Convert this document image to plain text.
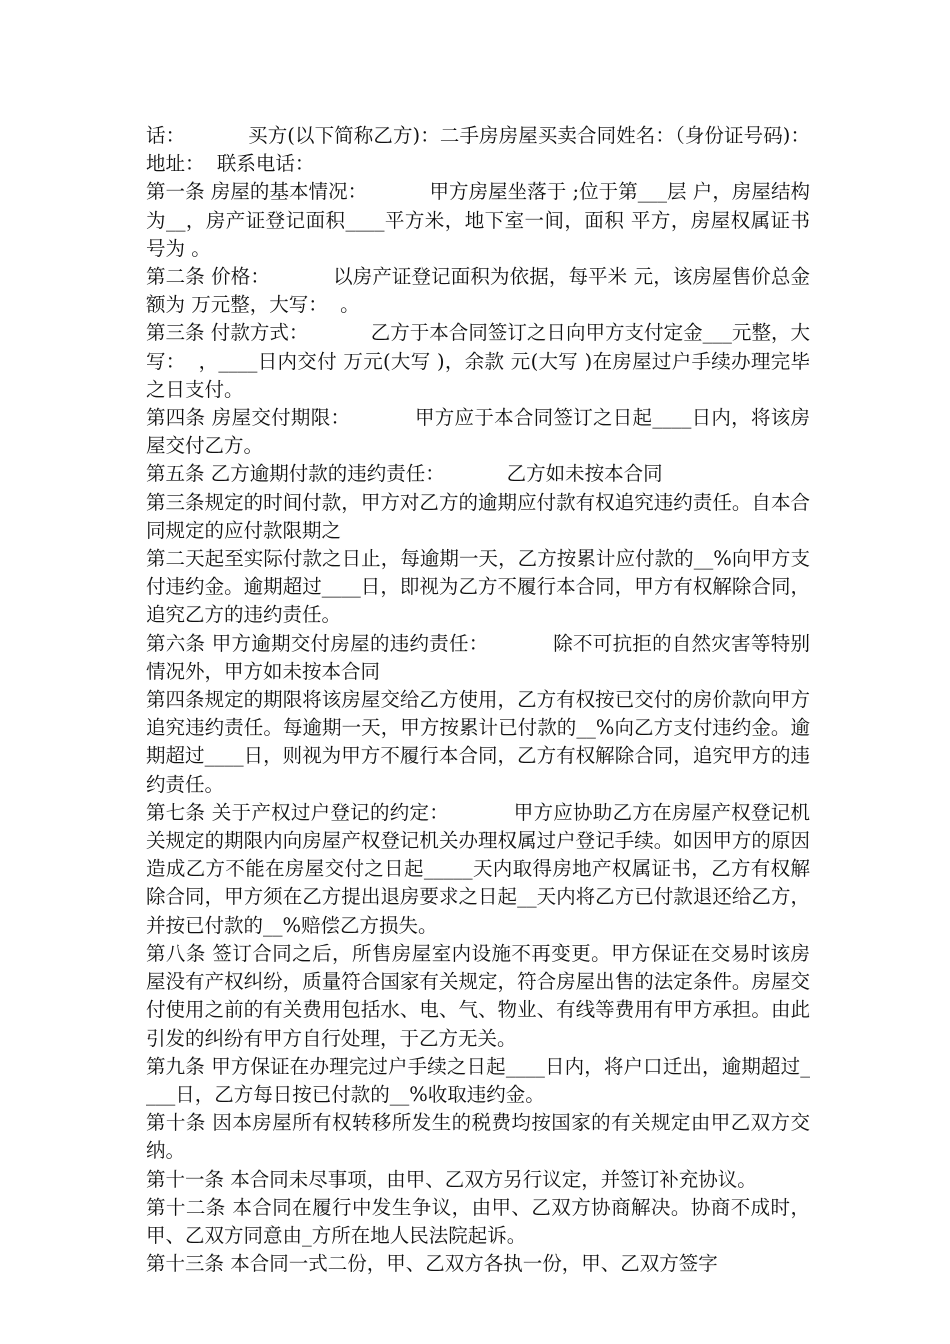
话：          买方(以下简称乙方)：二手房房屋买卖合同姓名：（身份证号码)：          地址：  联系电话：

第一条 房屋的基本情况：          甲方房屋坐落于 ;位于第___层 户，房屋结构为__，房产证登记面积____平方米，地下室一间，面积 平方，房屋权属证书号为 。

第二条 价格：          以房产证登记面积为依据，每平米 元，该房屋售价总金额为 万元整，大写：  。

第三条 付款方式：          乙方于本合同签订之日向甲方支付定金___元整，大写：  ，____日内交付 万元(大写 )，余款 元(大写 )在房屋过户手续办理完毕之日支付。

第四条 房屋交付期限：          甲方应于本合同签订之日起____日内，将该房屋交付乙方。

第五条 乙方逾期付款的违约责任：          乙方如未按本合同

第三条规定的时间付款，甲方对乙方的逾期应付款有权追究违约责任。自本合同规定的应付款限期之

第二天起至实际付款之日止，每逾期一天，乙方按累计应付款的__%向甲方支付违约金。逾期超过____日，即视为乙方不履行本合同，甲方有权解除合同，追究乙方的违约责任。

第六条 甲方逾期交付房屋的违约责任：          除不可抗拒的自然灾害等特别情况外，甲方如未按本合同

第四条规定的期限将该房屋交给乙方使用，乙方有权按已交付的房价款向甲方追究违约责任。每逾期一天，甲方按累计已付款的__%向乙方支付违约金。逾期超过____日，则视为甲方不履行本合同，乙方有权解除合同，追究甲方的违约责任。

第七条 关于产权过户登记的约定：          甲方应协助乙方在房屋产权登记机关规定的期限内向房屋产权登记机关办理权属过户登记手续。如因甲方的原因造成乙方不能在房屋交付之日起_____天内取得房地产权属证书，乙方有权解除合同，甲方须在乙方提出退房要求之日起__天内将乙方已付款退还给乙方，并按已付款的__%赔偿乙方损失。

第八条 签订合同之后，所售房屋室内设施不再变更。甲方保证在交易时该房屋没有产权纠纷，质量符合国家有关规定，符合房屋出售的法定条件。房屋交付使用之前的有关费用包括水、电、气、物业、有线等费用有甲方承担。由此引发的纠纷有甲方自行处理，于乙方无关。

第九条 甲方保证在办理完过户手续之日起____日内，将户口迁出，逾期超过____日，乙方每日按已付款的__%收取违约金。

第十条 因本房屋所有权转移所发生的税费均按国家的有关规定由甲乙双方交纳。

第十一条 本合同未尽事项，由甲、乙双方另行议定，并签订补充协议。

第十二条 本合同在履行中发生争议，由甲、乙双方协商解决。协商不成时，甲、乙双方同意由_方所在地人民法院起诉。

第十三条 本合同一式二份，甲、乙双方各执一份，甲、乙双方签字
